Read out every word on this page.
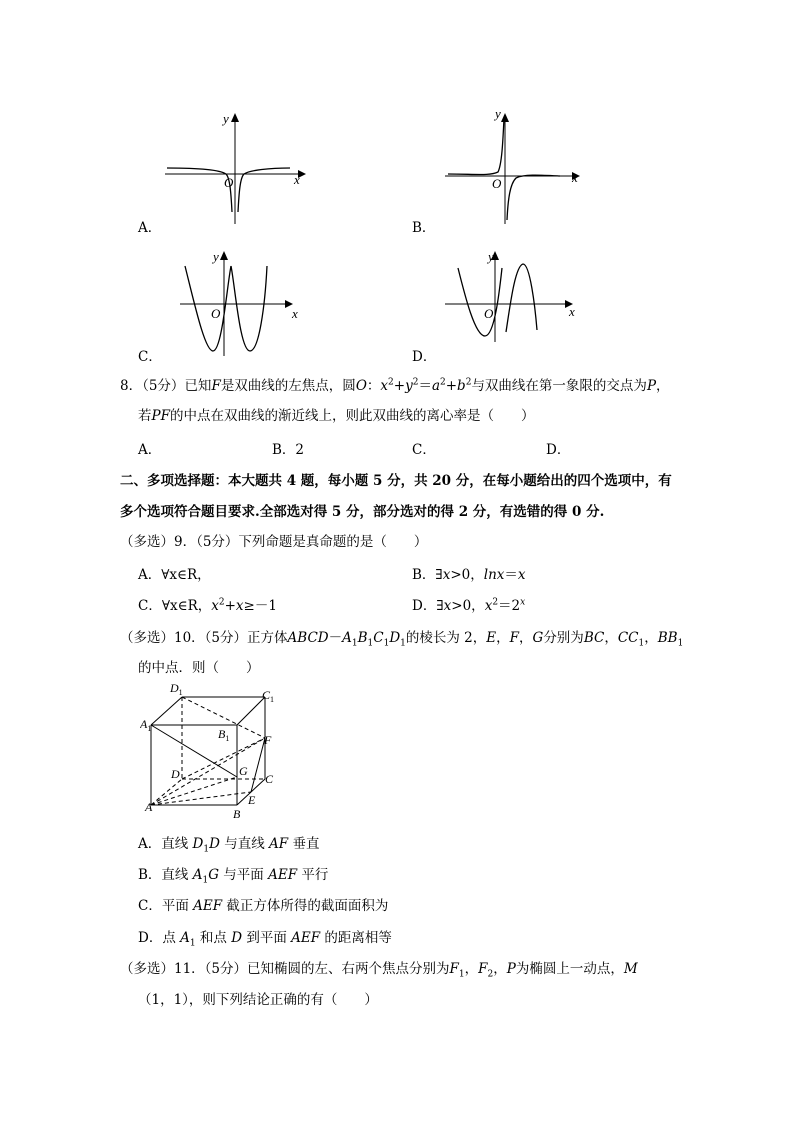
y
x
O
A．
y
x
O
B．
y
x
O
C．
y
x
O
D．
8．（5分）已知F是双曲线的左焦点，圆O：$x^2+y^2=a^2+b^2$与双曲线在第一象限的交点为P，
若PF的中点在双曲线的渐近线上，则此双曲线的离心率是（　　）
A．	B．2	C．	D．
二、多项选择题：本大题共 4 题，每小题 5 分，共 20 分，在每小题给出的四个选项中，有
多个选项符合题目要求.全部选对得 5 分，部分选对的得 2 分，有选错的得 0 分.
（多选）9．（5分）下列命题是真命题的是（　　）
A．∀x∈R，	B．∃x>0，lnx＝x
C．∀x∈R，$x^2+x\ge-1$	D．∃x>0，$x^2=2^x$
（多选）10．（5分）正方体$ABCD-A_1B_1C_1D_1$的棱长为 2，E，F，G分别为BC，$CC_1$，$BB_1$
的中点．则（　　）
$D_1$	$C_1$
$A_1$	$B_1$	F
D	G
C
A	E
B
A．直线 $D_1D$ 与直线 AF 垂直
B．直线 $A_1G$ 与平面 AEF 平行
C．平面 AEF 截正方体所得的截面面积为
D．点 $A_1$ 和点 D 到平面 AEF 的距离相等
（多选）11．（5分）已知椭圆的左、右两个焦点分别为$F_1$，$F_2$，P为椭圆上一动点，M
（1，1），则下列结论正确的有（　　）
